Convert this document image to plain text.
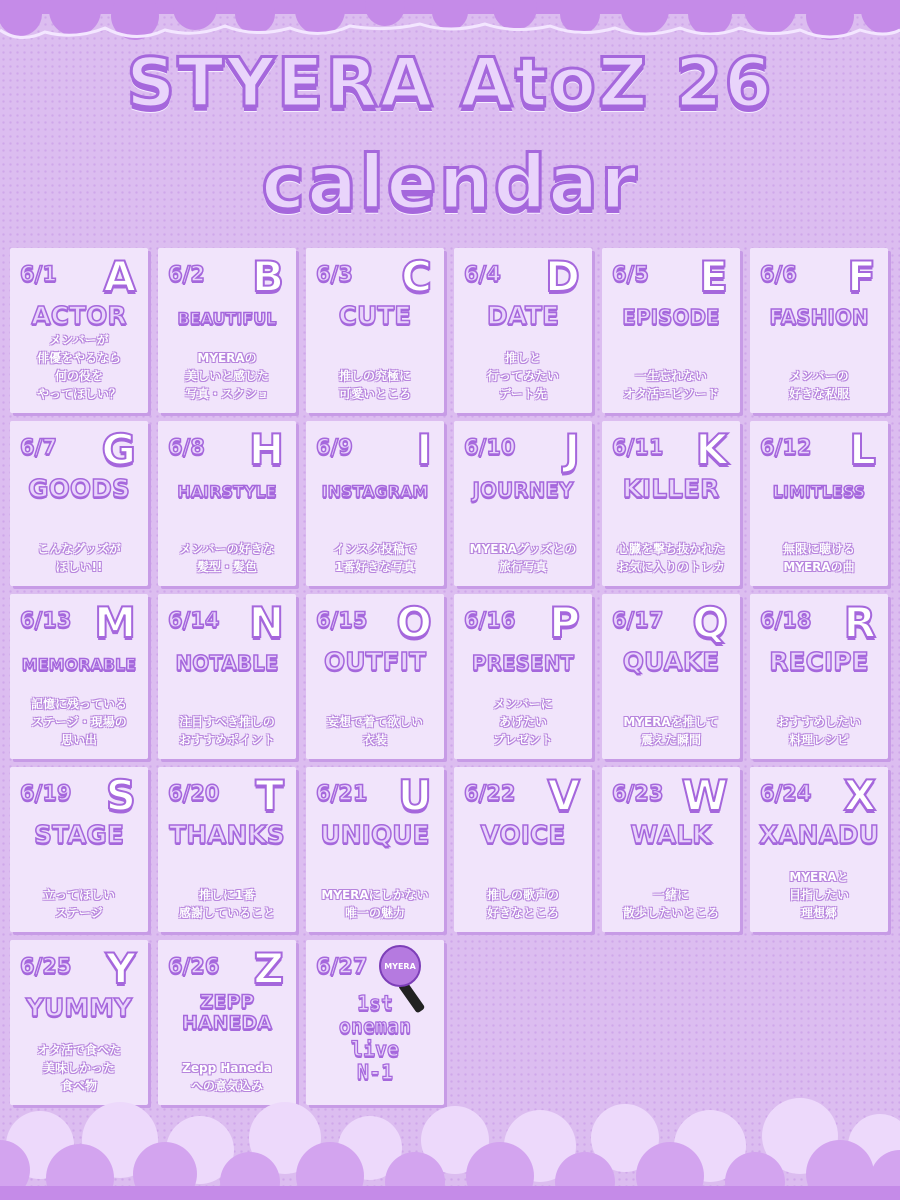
STYERA AtoZ 26
calendar
6/1 A
ACTOR
メンバーが
俳優をやるなら
何の役を
やってほしい？
6/2 B
BEAUTIFUL
MYERAの
美しいと感じた
写真・スクショ
6/3 C
CUTE
推しの究極に
可愛いところ
6/4 D
DATE
推しと
行ってみたい
デート先
6/5 E
EPISODE
一生忘れない
オタ活エピソード
6/6 F
FASHION
メンバーの
好きな私服
6/7 G
GOODS
こんなグッズが
ほしい!!
6/8 H
HAIRSTYLE
メンバーの好きな
髪型・髪色
6/9 I
INSTAGRAM
インスタ投稿で
1番好きな写真
6/10 J
JOURNEY
MYERAグッズとの
旅行写真
6/11 K
KILLER
心臓を撃ち抜かれた
お気に入りのトレカ
6/12 L
LIMITLESS
無限に聴ける
MYERAの曲
6/13 M
MEMORABLE
記憶に残っている
ステージ・現場の
思い出
6/14 N
NOTABLE
注目すべき推しの
おすすめポイント
6/15 O
OUTFIT
妄想で着て欲しい
衣装
6/16 P
PRESENT
メンバーに
あげたい
プレゼント
6/17 Q
QUAKE
MYERAを推して
震えた瞬間
6/18 R
RECIPE
おすすめしたい
料理レシピ
6/19 S
STAGE
立ってほしい
ステージ
6/20 T
THANKS
推しに1番
感謝していること
6/21 U
UNIQUE
MYERAにしかない
唯一の魅力
6/22 V
VOICE
推しの歌声の
好きなところ
6/23 W
WALK
一緒に
散歩したいところ
6/24 X
XANADU
MYERAと
目指したい
理想郷
6/25 Y
YUMMY
オタ活で食べた
美味しかった
食べ物
6/26 Z
ZEPP
HANEDA
Zepp Haneda
への意気込み
6/27
1st
oneman
live
N-1
MYERA
